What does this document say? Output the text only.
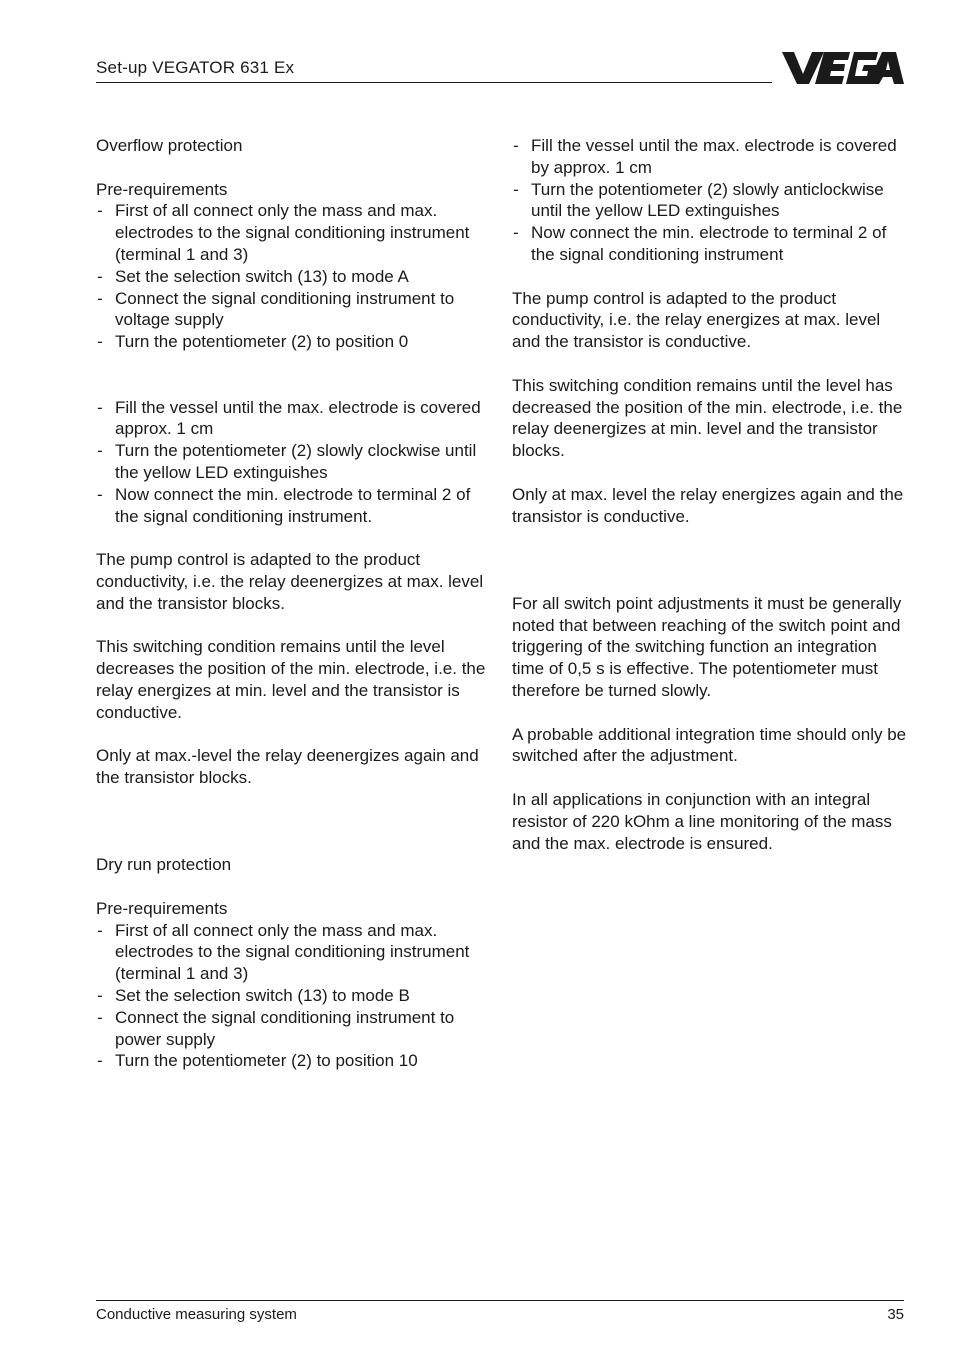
Set-up VEGATOR 631 Ex

Overflow protection

Pre-requirements

- First of all connect only the mass and max. electrodes to the signal conditioning instrument (terminal 1 and 3)
- Set the selection switch (13) to mode A
- Connect the signal conditioning instrument to voltage supply
- Turn the potentiometer (2) to position 0
- Fill the vessel until the max. electrode is covered approx. 1 cm
- Turn the potentiometer (2) slowly clockwise until the yellow LED extinguishes
- Now connect the min. electrode to terminal 2 of the signal conditioning instrument.

The pump control is adapted to the product conductivity, i.e. the relay deenergizes at max. level and the transistor blocks.

This switching condition remains until the level decreases the position of the min. electrode, i.e. the relay energizes at min. level and the transistor is conductive.

Only at max.-level the relay deenergizes again and the transistor blocks.

Dry run protection

Pre-requirements

- First of all connect only the mass and max. electrodes to the signal conditioning instrument (terminal 1 and 3)
- Set the selection switch (13) to mode B
- Connect the signal conditioning instrument to power supply
- Turn the potentiometer (2) to position 10
- Fill the vessel until the max. electrode is covered by approx. 1 cm
- Turn the potentiometer (2) slowly anticlockwise until the yellow LED extinguishes
- Now connect the min. electrode to terminal 2 of the signal conditioning instrument

The pump control is adapted to the product conductivity, i.e. the relay energizes at max. level and the transistor is conductive.

This switching condition remains until the level has decreased the position of the min. electrode, i.e. the relay deenergizes at min. level and the transistor blocks.

Only at max. level the relay energizes again and the transistor is conductive.

For all switch point adjustments it must be generally noted that between reaching of the switch point and triggering of the switching function an integration time of 0,5 s is effective. The potentiometer must therefore be turned slowly.

A probable additional integration time should only be switched after the adjustment.

In all applications in conjunction with an integral resistor of 220 kOhm a line monitoring of the mass and the max. electrode is ensured.

Conductive measuring system	35
